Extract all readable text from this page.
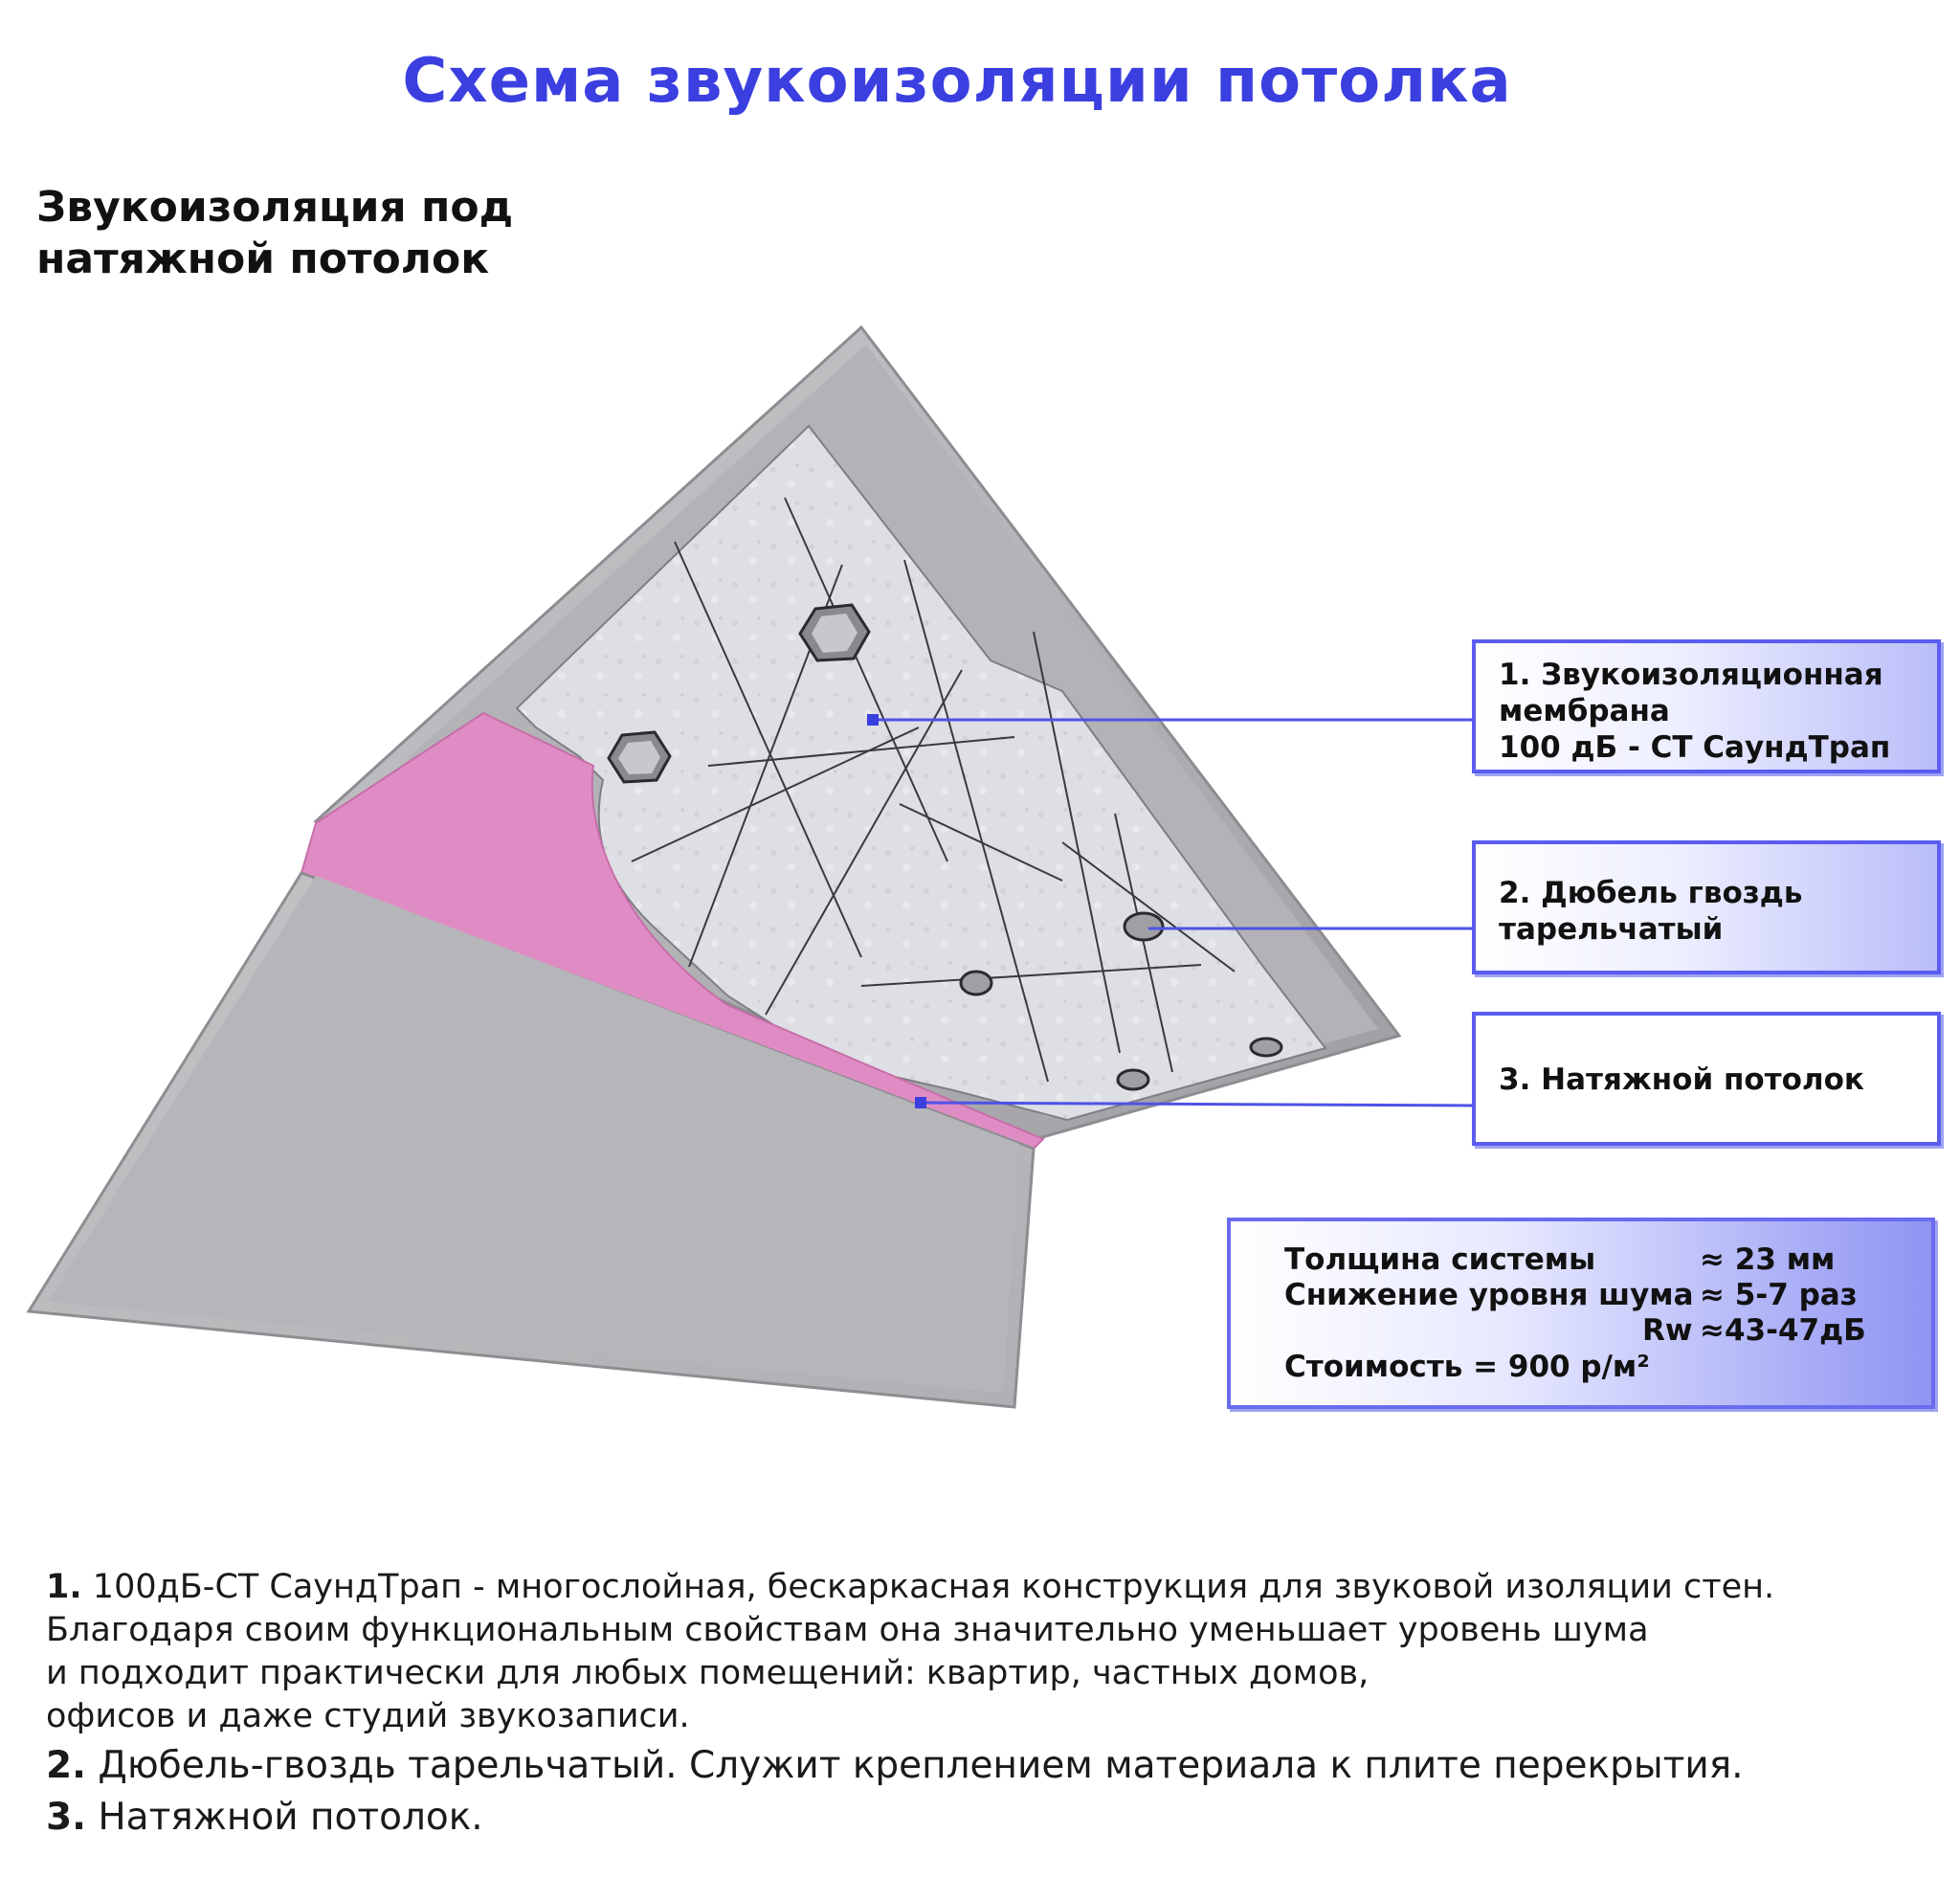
Схема звукоизоляции потолка
Звукоизоляция под
натяжной потолок
1. Звукоизоляционная
мембрана
100 дБ - СТ СаундТрап
2. Дюбель гвоздь
тарельчатый
3. Натяжной потолок
Толщина системы	≈ 23 мм
Снижение уровня шума ≈ 5-7 раз
Rw ≈43-47дБ
Стоимость = 900 р/м²
1. 100дБ-СТ СаундТрап - многослойная, бескаркасная конструкция для звуковой изоляции стен.
Благодаря своим функциональным свойствам она значительно уменьшает уровень шума
и подходит практически для любых помещений: квартир, частных домов,
офисов и даже студий звукозаписи.
2. Дюбель-гвоздь тарельчатый. Служит креплением материала к плите перекрытия.
3. Натяжной потолок.
